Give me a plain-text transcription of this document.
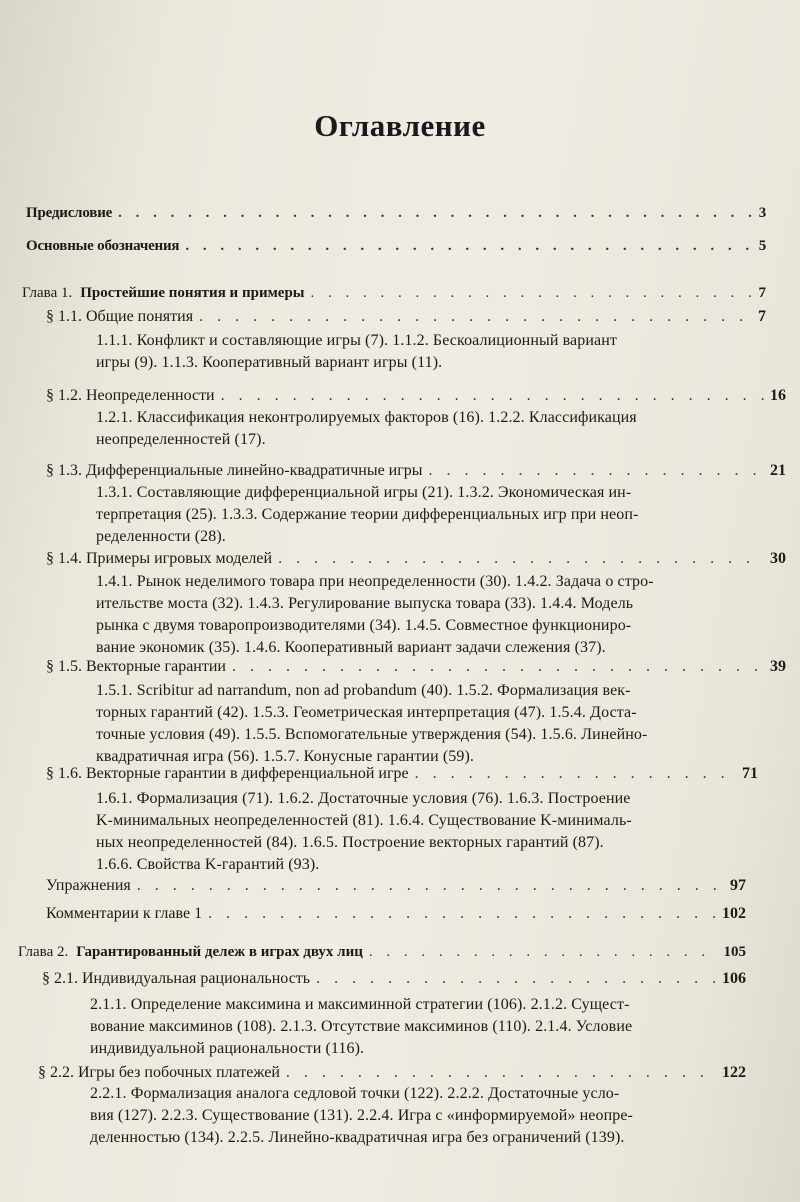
Оглавление
Предисловие . . .	3
Основные обозначения . . .	5
Глава 1. Простейшие понятия и примеры . . .	7
§ 1.1. Общие понятия . . .	7
1.1.1. Конфликт и составляющие игры (7). 1.1.2. Бескоалиционный вариант
игры (9). 1.1.3. Кооперативный вариант игры (11).
§ 1.2. Неопределенности . . .	16
1.2.1. Классификация неконтролируемых факторов (16). 1.2.2. Классификация
неопределенностей (17).
§ 1.3. Дифференциальные линейно-квадратичные игры . . .	21
1.3.1. Составляющие дифференциальной игры (21). 1.3.2. Экономическая ин-
терпретация (25). 1.3.3. Содержание теории дифференциальных игр при неоп-
ределенности (28).
§ 1.4. Примеры игровых моделей . . .	30
1.4.1. Рынок неделимого товара при неопределенности (30). 1.4.2. Задача о стро-
ительстве моста (32). 1.4.3. Регулирование выпуска товара (33). 1.4.4. Модель
рынка с двумя товаропроизводителями (34). 1.4.5. Совместное функциониро-
вание экономик (35). 1.4.6. Кооперативный вариант задачи слежения (37).
§ 1.5. Векторные гарантии . . .	39
1.5.1. Scribitur ad narrandum, non ad probandum (40). 1.5.2. Формализация век-
торных гарантий (42). 1.5.3. Геометрическая интерпретация (47). 1.5.4. Доста-
точные условия (49). 1.5.5. Вспомогательные утверждения (54). 1.5.6. Линейно-
квадратичная игра (56). 1.5.7. Конусные гарантии (59).
§ 1.6. Векторные гарантии в дифференциальной игре . . .	71
1.6.1. Формализация (71). 1.6.2. Достаточные условия (76). 1.6.3. Построение
K-минимальных неопределенностей (81). 1.6.4. Существование K-минималь-
ных неопределенностей (84). 1.6.5. Построение векторных гарантий (87).
1.6.6. Свойства K-гарантий (93).
Упражнения . . .	97
Комментарии к главе 1 . . .	102
Глава 2. Гарантированный дележ в играх двух лиц . . .	105
§ 2.1. Индивидуальная рациональность . . .	106
2.1.1. Определение максимина и максиминной стратегии (106). 2.1.2. Сущест-
вование максиминов (108). 2.1.3. Отсутствие максиминов (110). 2.1.4. Условие
индивидуальной рациональности (116).
§ 2.2. Игры без побочных платежей . . .	122
2.2.1. Формализация аналога седловой точки (122). 2.2.2. Достаточные усло-
вия (127). 2.2.3. Существование (131). 2.2.4. Игра с «информируемой» неопре-
деленностью (134). 2.2.5. Линейно-квадратичная игра без ограничений (139).
